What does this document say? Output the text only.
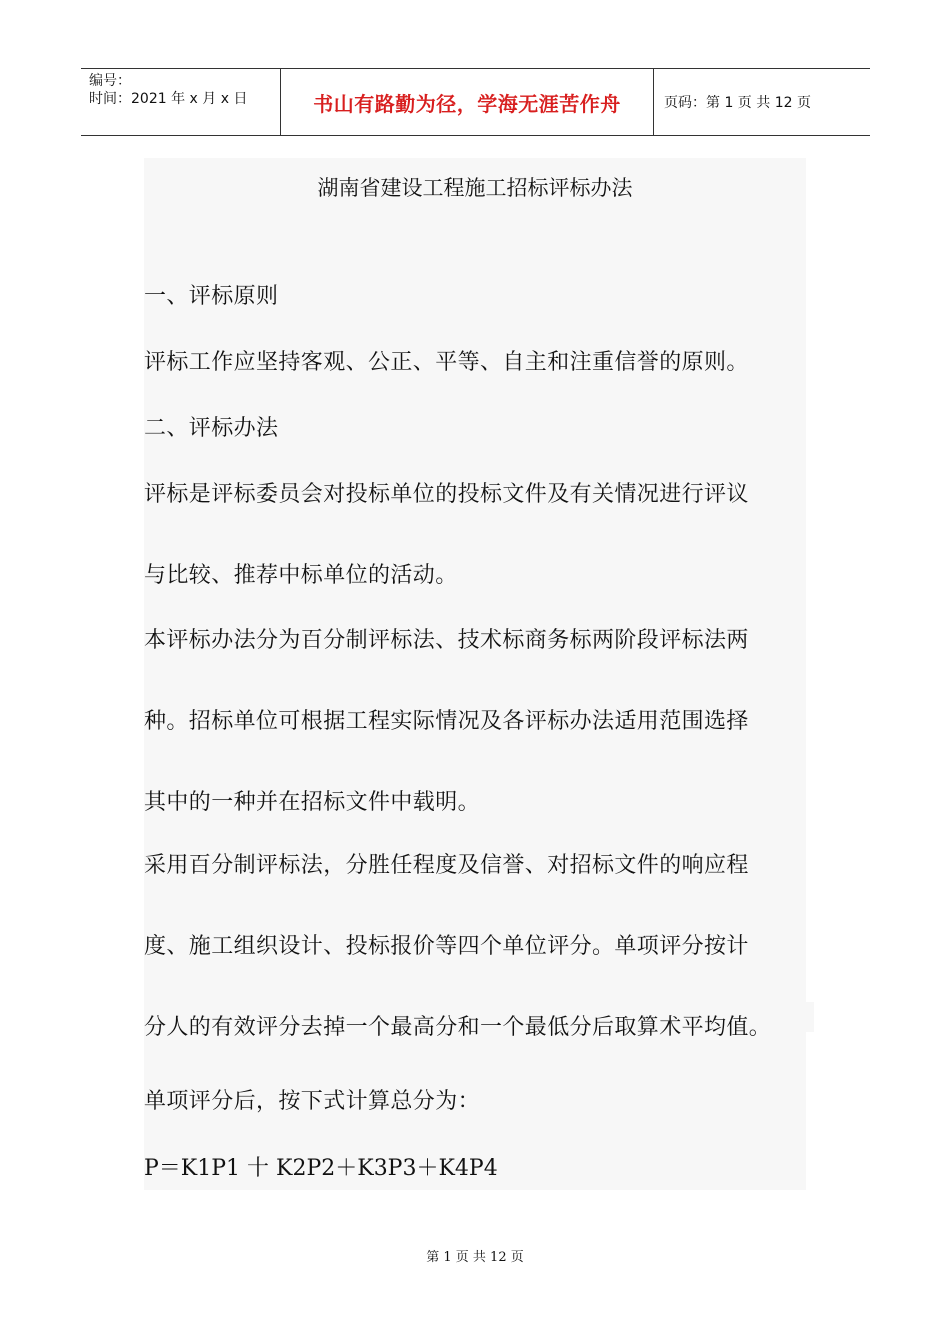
编号：
时间：2021 年 x 月 x 日	书山有路勤为径，学海无涯苦作舟	页码：第 1 页 共 12 页
湖南省建设工程施工招标评标办法
一、评标原则
评标工作应坚持客观、公正、平等、自主和注重信誉的原则。
二、评标办法
评标是评标委员会对投标单位的投标文件及有关情况进行评议
与比较、推荐中标单位的活动。
本评标办法分为百分制评标法、技术标商务标两阶段评标法两
种。招标单位可根据工程实际情况及各评标办法适用范围选择
其中的一种并在招标文件中载明。
采用百分制评标法，分胜任程度及信誉、对招标文件的响应程
度、施工组织设计、投标报价等四个单位评分。单项评分按计
分人的有效评分去掉一个最高分和一个最低分后取算术平均值。
单项评分后，按下式计算总分为：
P＝K1P1 十 K2P2＋K3P3＋K4P4
第 1 页 共 12 页
